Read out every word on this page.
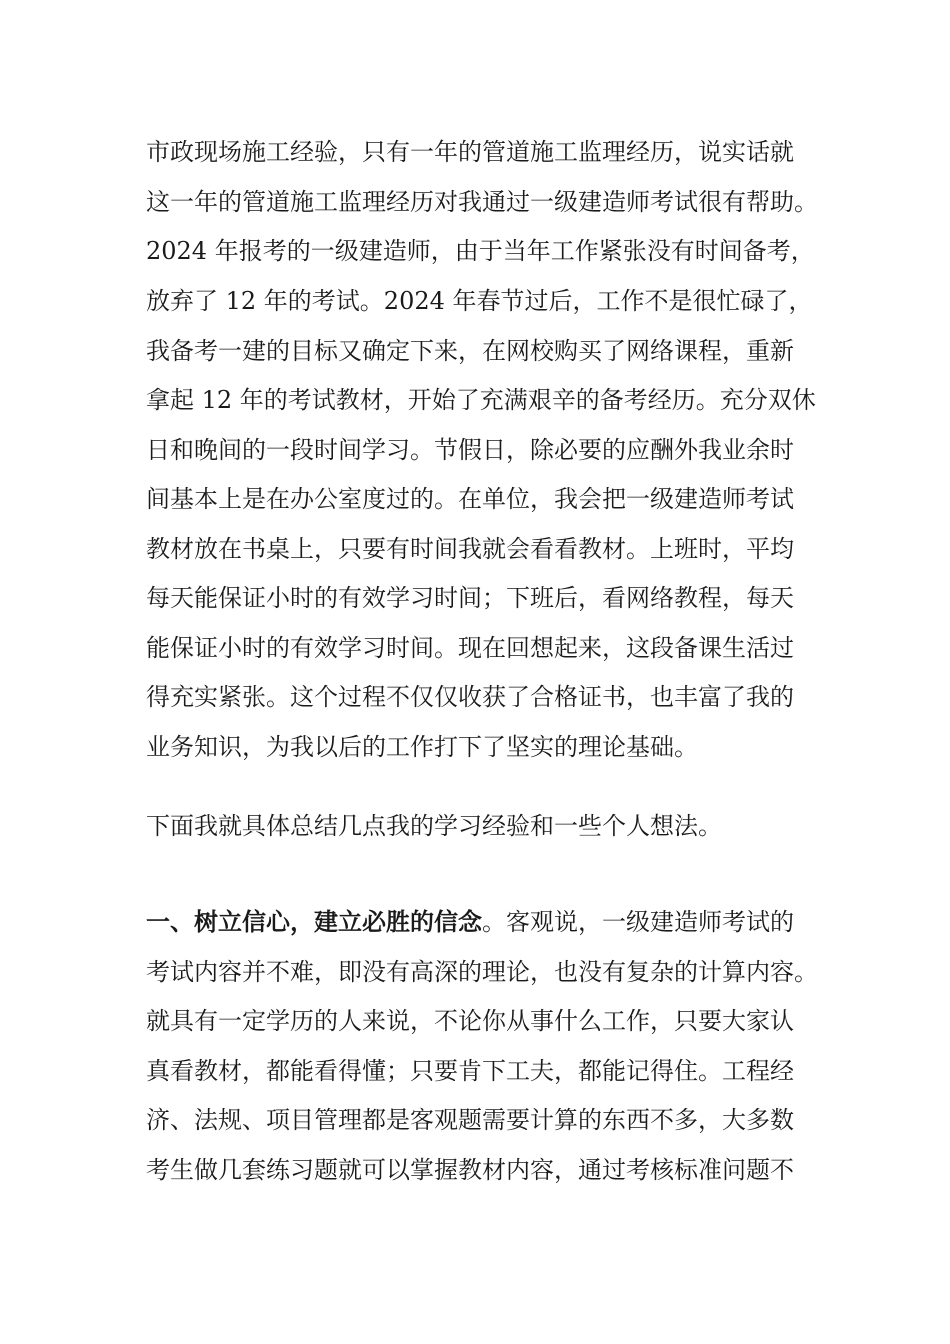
市政现场施工经验，只有一年的管道施工监理经历，说实话就
这一年的管道施工监理经历对我通过一级建造师考试很有帮助。
2024 年报考的一级建造师，由于当年工作紧张没有时间备考，
放弃了 12 年的考试。2024 年春节过后，工作不是很忙碌了，
我备考一建的目标又确定下来，在网校购买了网络课程，重新
拿起 12 年的考试教材，开始了充满艰辛的备考经历。充分双休
日和晚间的一段时间学习。节假日，除必要的应酬外我业余时
间基本上是在办公室度过的。在单位，我会把一级建造师考试
教材放在书桌上，只要有时间我就会看看教材。上班时，平均
每天能保证小时的有效学习时间；下班后，看网络教程，每天
能保证小时的有效学习时间。现在回想起来，这段备课生活过
得充实紧张。这个过程不仅仅收获了合格证书，也丰富了我的
业务知识，为我以后的工作打下了坚实的理论基础。
下面我就具体总结几点我的学习经验和一些个人想法。
一、树立信心，建立必胜的信念。客观说，一级建造师考试的
考试内容并不难，即没有高深的理论，也没有复杂的计算内容。
就具有一定学历的人来说，不论你从事什么工作，只要大家认
真看教材，都能看得懂；只要肯下工夫，都能记得住。工程经
济、法规、项目管理都是客观题需要计算的东西不多，大多数
考生做几套练习题就可以掌握教材内容，通过考核标准问题不
